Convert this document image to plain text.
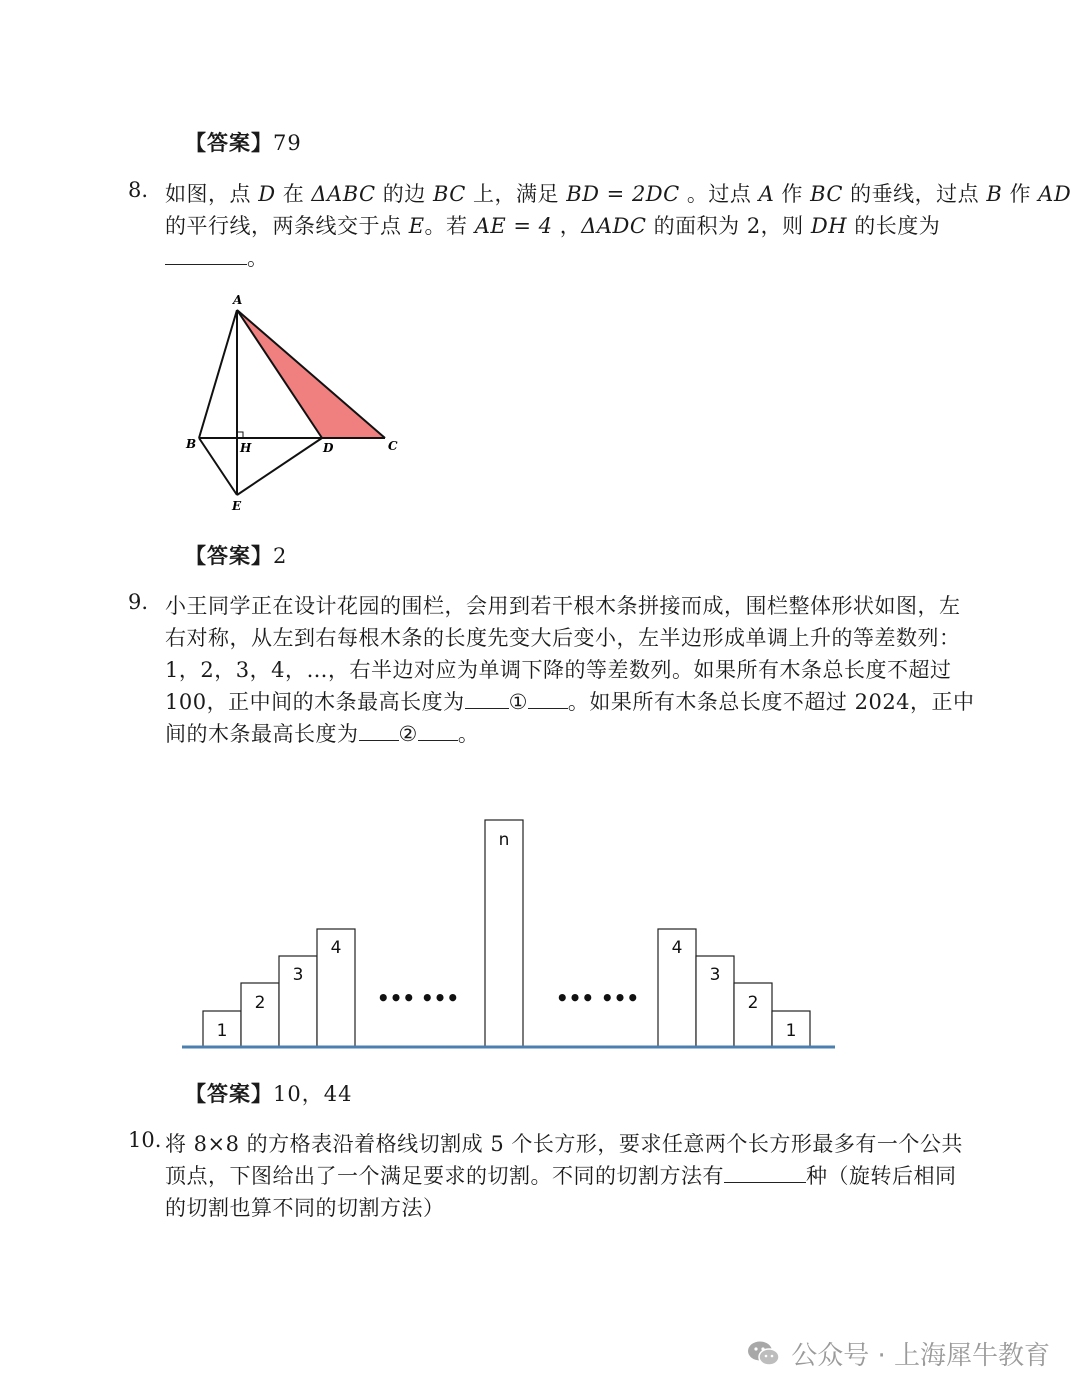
【答案】79
8. 如图，点 D 在 ΔABC 的边 BC 上，满足 BD = 2DC 。过点 A 作 BC 的垂线，过点 B 作 AD
的平行线，两条线交于点 E。若 AE = 4 ，ΔADC 的面积为 2，则 DH 的长度为
。
A
B	H	D	C
E
【答案】2
9. 小王同学正在设计花园的围栏，会用到若干根木条拼接而成，围栏整体形状如图，左
右对称，从左到右每根木条的长度先变大后变小，左半边形成单调上升的等差数列：
1，2，3，4，…，右半边对应为单调下降的等差数列。如果所有木条总长度不超过
100，正中间的木条最高长度为 ① 。如果所有木条总长度不超过 2024，正中
间的木条最高长度为 ② 。
1
2
3
4
n
4
3
2
1
••• •••	••• •••
【答案】10，44
10. 将 8×8 的方格表沿着格线切割成 5 个长方形，要求任意两个长方形最多有一个公共
顶点，下图给出了一个满足要求的切割。不同的切割方法有	种（旋转后相同
的切割也算不同的切割方法）
公众号 · 上海犀牛教育
